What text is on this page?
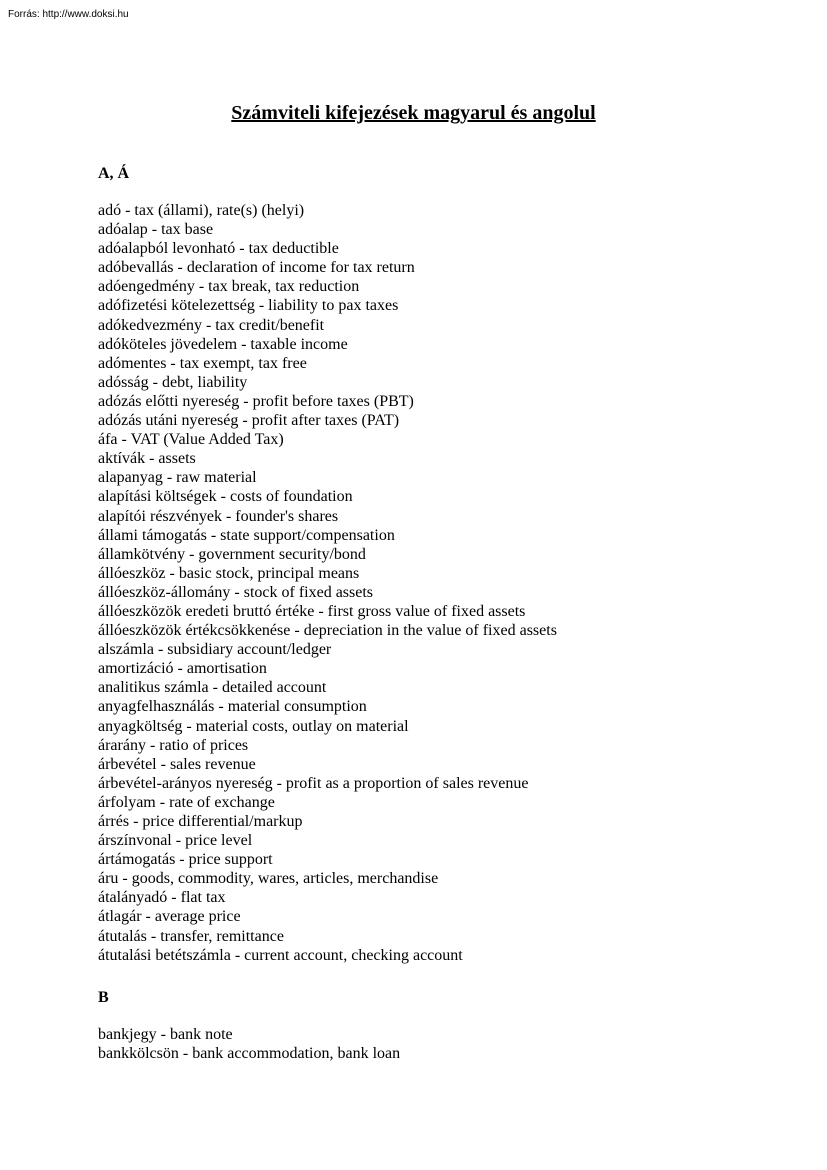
Forrás: http://www.doksi.hu
Számviteli kifejezések magyarul és angolul
A, Á
adó - tax (állami), rate(s) (helyi)
adóalap - tax base
adóalapból levonható - tax deductible
adóbevallás - declaration of income for tax return
adóengedmény - tax break, tax reduction
adófizetési kötelezettség - liability to pax taxes
adókedvezmény - tax credit/benefit
adóköteles jövedelem - taxable income
adómentes - tax exempt, tax free
adósság - debt, liability
adózás előtti nyereség - profit before taxes (PBT)
adózás utáni nyereség - profit after taxes (PAT)
áfa - VAT (Value Added Tax)
aktívák - assets
alapanyag - raw material
alapítási költségek - costs of foundation
alapítói részvények - founder's shares
állami támogatás - state support/compensation
államkötvény - government security/bond
állóeszköz - basic stock, principal means
állóeszköz-állomány - stock of fixed assets
állóeszközök eredeti bruttó értéke - first gross value of fixed assets
állóeszközök értékcsökkenése - depreciation in the value of fixed assets
alszámla - subsidiary account/ledger
amortizáció - amortisation
analitikus számla - detailed account
anyagfelhasználás - material consumption
anyagköltség - material costs, outlay on material
árarány - ratio of prices
árbevétel - sales revenue
árbevétel-arányos nyereség - profit as a proportion of sales revenue
árfolyam - rate of exchange
árrés - price differential/markup
árszínvonal - price level
ártámogatás - price support
áru - goods, commodity, wares, articles, merchandise
átalányadó - flat tax
átlagár - average price
átutalás - transfer, remittance
átutalási betétszámla - current account, checking account
B
bankjegy - bank note
bankkölcsön - bank accommodation, bank loan
